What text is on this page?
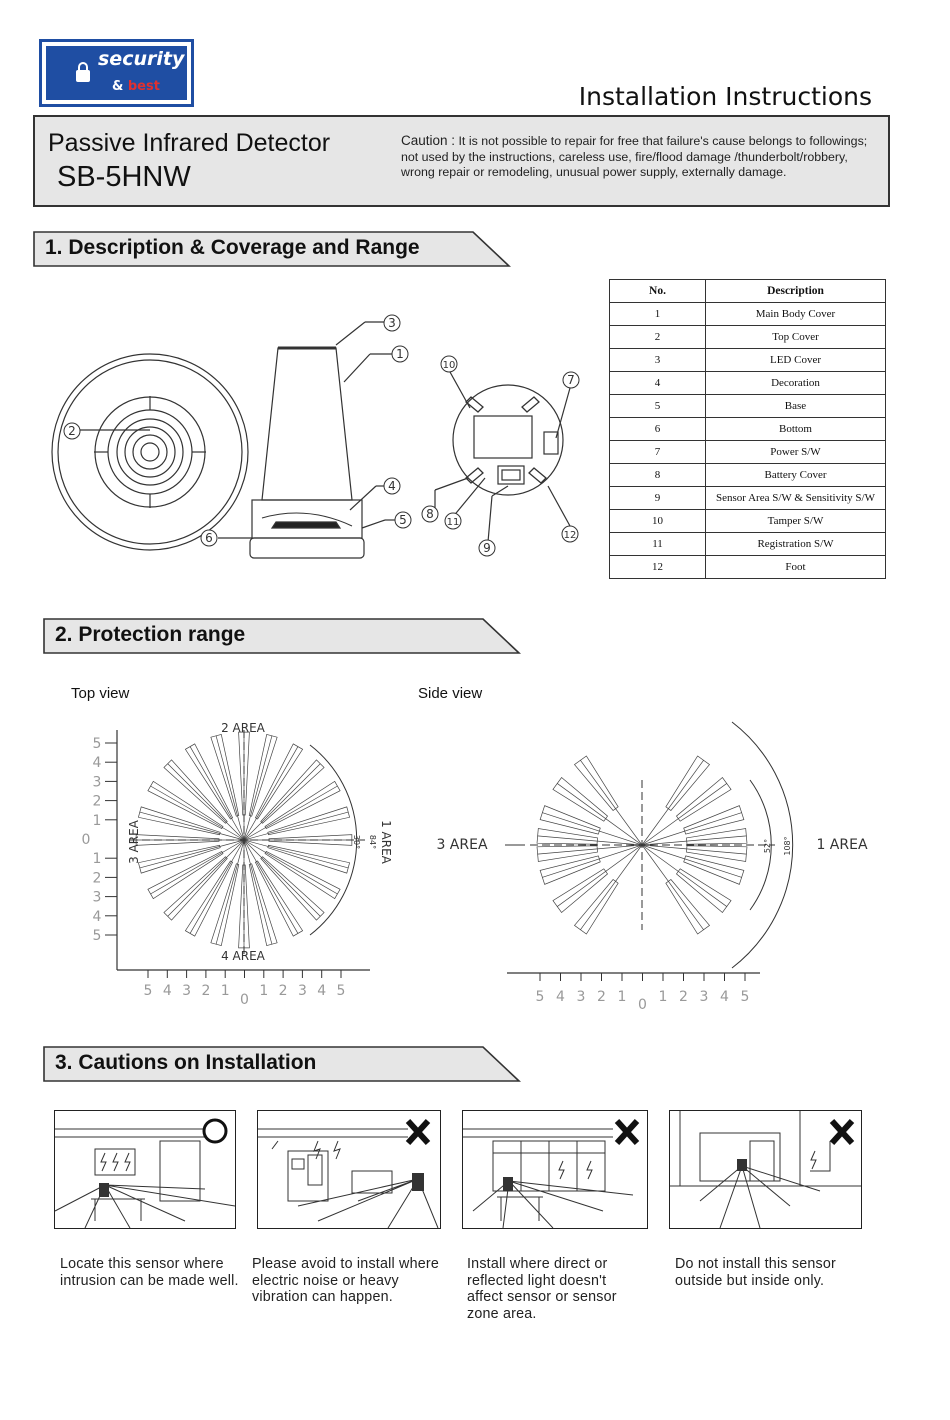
security
& best	Installation Instructions
Passive Infrared Detector
SB-5HNW
Caution : It is not possible to repair for free that failure's cause belongs to followings; not used by the instructions, careless use, fire/flood damage /thunderbolt/robbery, wrong repair or remodeling, unusual power supply, externally damage.
1. Description & Coverage and Range
2
3
1
4
5
6
10
7
8
11
9
12
No.	Description
1	Main Body Cover
2	Top Cover
3	LED Cover
4	Decoration
5	Base
6	Bottom
7	Power S/W
8	Battery Cover
9	Sensor Area S/W & Sensitivity S/W
10	Tamper S/W
11	Registration S/W
12	Foot
2. Protection range
Top view	Side view
2 AREA
4 AREA
3 AREA	1 AREA
30° 84°
5
4
3
2
1
0
1
2
3
4
5
5 4 3 2 1
0
1 2 3 4 5
3 AREA	1 AREA
52° 108°
5 4 3 2 1 0 1 2 3 4 5
3. Cautions on Installation
Locate this sensor where intrusion can be made well.
Please avoid to install where electric noise or heavy vibration can happen.
Install where direct or reflected light doesn't affect sensor or sensor zone area.
Do not install this sensor outside but inside only.
